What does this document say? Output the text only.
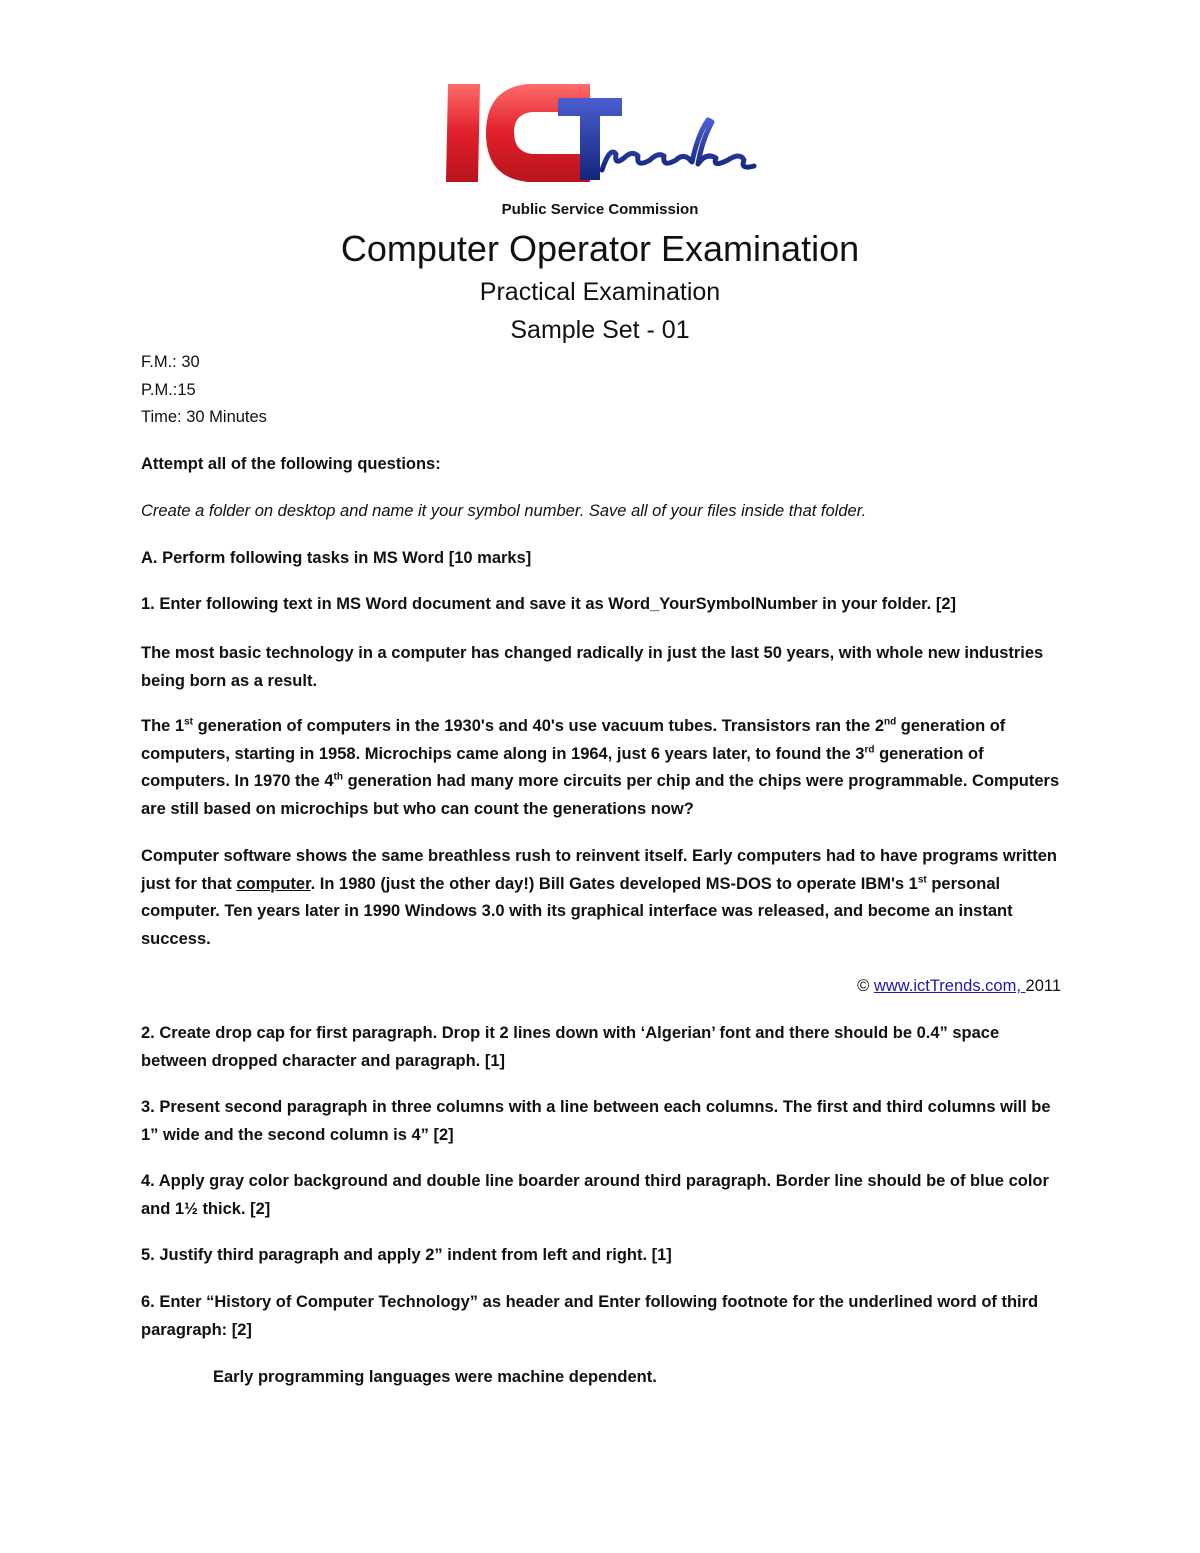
Public Service Commission
Computer Operator Examination
Practical Examination
Sample Set - 01

F.M.: 30

P.M.:15

Time: 30 Minutes

Attempt all of the following questions:
Create a folder on desktop and name it your symbol number. Save all of your files inside that folder.
A. Perform following tasks in MS Word [10 marks]
1. Enter following text in MS Word document and save it as Word_YourSymbolNumber in your folder. [2]
The most basic technology in a computer has changed radically in just the last 50 years, with whole new industries being born as a result.
The 1st generation of computers in the 1930's and 40's use vacuum tubes. Transistors ran the 2nd generation of computers, starting in 1958. Microchips came along in 1964, just 6 years later, to found the 3rd generation of computers. In 1970 the 4th generation had many more circuits per chip and the chips were programmable. Computers are still based on microchips but who can count the generations now?
Computer software shows the same breathless rush to reinvent itself. Early computers had to have programs written just for that computer. In 1980 (just the other day!) Bill Gates developed MS-DOS to operate IBM's 1st personal computer. Ten years later in 1990 Windows 3.0 with its graphical interface was released, and become an instant success.
© www.ictTrends.com, 2011
2. Create drop cap for first paragraph. Drop it 2 lines down with ‘Algerian’ font and there should be 0.4” space between dropped character and paragraph. [1]
3. Present second paragraph in three columns with a line between each columns. The first and third columns will be 1” wide and the second column is 4” [2]
4. Apply gray color background and double line boarder around third paragraph. Border line should be of blue color and 1½ thick. [2]
5. Justify third paragraph and apply 2” indent from left and right. [1]
6. Enter “History of Computer Technology” as header and Enter following footnote for the underlined word of third paragraph: [2]
Early programming languages were machine dependent.
